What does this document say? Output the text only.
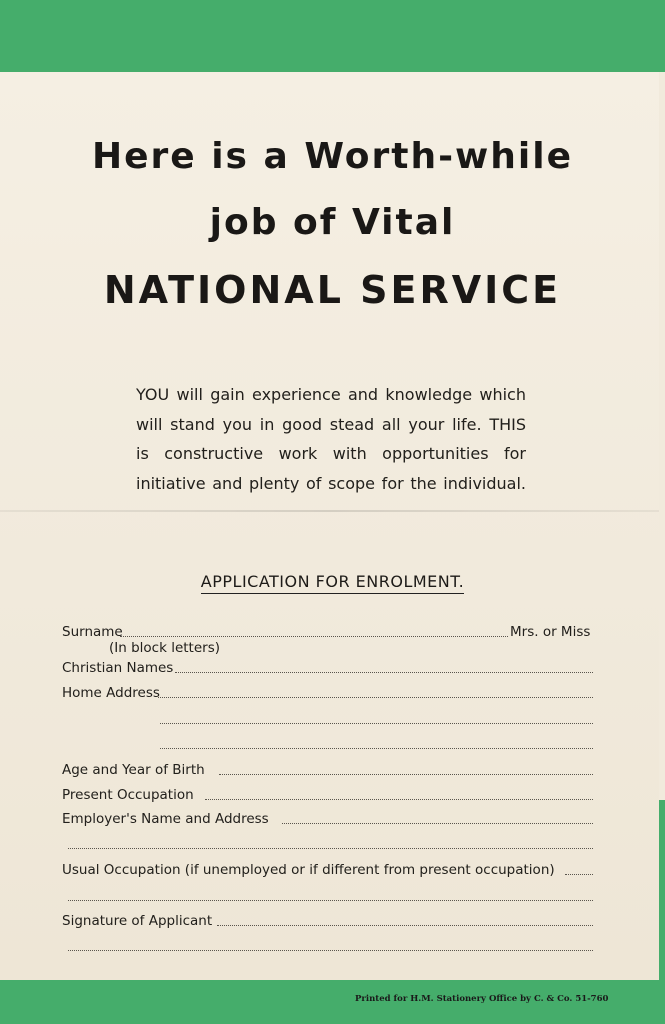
Here is a Worth-while
job of Vital
NATIONAL SERVICE
YOU will gain experience and knowledge which
will stand you in good stead all your life. THIS
is constructive work with opportunities for
initiative and plenty of scope for the individual.
APPLICATION FOR ENROLMENT.
Surname	Mrs. or Miss
(In block letters)
Christian Names
Home Address
Age and Year of Birth
Present Occupation
Employer's Name and Address
Usual Occupation (if unemployed or if different from present occupation)
Signature of Applicant
Printed for H.M. Stationery Office by C. & Co. 51-760
